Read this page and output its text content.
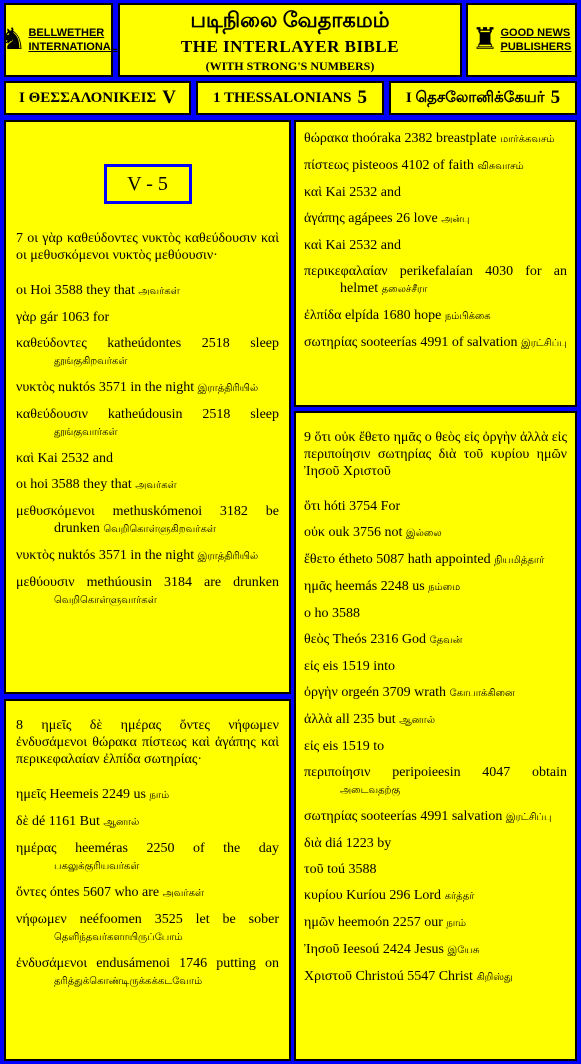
♞ BELLWETHER
INTERNATIONAL
படிநிலை வேதாகமம்
THE INTERLAYER BIBLE
(WITH STRONG'S NUMBERS)
♜ GOOD NEWS
PUBLISHERS
Ι ΘΕΣΣΑΛΟΝΙΚΕΙΣ V 1 THESSALONIANS 5	I தெசலோனிக்கேயர் 5
V - 5
7 οι γὰρ καθεύδοντες νυκτὸς καθεύδουσιν καὶ οι μεθυσκόμενοι νυκτὸς μεθύουσιν·
οι Hoi 3588 they that அவர்கள்
γὰρ gár 1063 for
καθεύδοντες katheúdontes 2518 sleep தூங்குகிறவர்கள்
νυκτὸς nuktós 3571 in the night இராத்திரியில்
καθεύδουσιν katheúdousin 2518 sleep தூங்குவார்கள்
καὶ Kai 2532 and
οι hoi 3588 they that அவர்கள்
μεθυσκόμενοι methuskómenoi 3182 be drunken வெறிகொள்ளுகிறவர்கள்
νυκτὸς nuktós 3571 in the night இராத்திரியில்
μεθύουσιν methúousin 3184 are drunken வெறிகொள்ளுவார்கள்
8 ημεῖς δὲ ημέρας ὄντες νήφωμεν ἐνδυσάμενοι θώρακα πίστεως καὶ ἀγάπης καὶ περικεφαλαίαν ἐλπίδα σωτηρίας·
ημεῖς Heemeis 2249 us நாம்
δὲ dé 1161 But ஆனால்
ημέρας heeméras 2250 of the day பகலுக்குரியவர்கள்
ὄντες óntes 5607 who are அவர்கள்
νήφωμεν neéfoomen 3525 let be sober தெளிந்தவர்களாயிருப்போம்
ἐνδυσάμενοι endusámenoi 1746 putting on தரித்துக்கொண்டிருக்கக்கடவோம்
θώρακα thoóraka 2382 breastplate மார்க்கவசம்
πίστεως pisteoos 4102 of faith விசுவாசம்
καὶ Kai 2532 and
ἀγάπης agápees 26 love அன்பு
καὶ Kai 2532 and
περικεφαλαίαν perikefalaían 4030 for an helmet தலைச்சீரா
ἐλπίδα elpída 1680 hope நம்பிக்கை
σωτηρίας sooteerías 4991 of salvation இரட்சிப்பு
9 ὅτι οὐκ ἔθετο ημᾶς ο θεὸς εἰς ὀργὴν ἀλλὰ εἰς περιποίησιν σωτηρίας διὰ τοῦ κυρίου ημῶν Ἰησοῦ Χριστοῦ
ὅτι hóti 3754 For
οὐκ ouk 3756 not இல்லை
ἔθετο étheto 5087 hath appointed நியமித்தார்
ημᾶς heemás 2248 us நம்மை
ο ho 3588
θεὸς Theós 2316 God தேவன்
εἰς eis 1519 into
ὀργὴν orgeén 3709 wrath கோபாக்கினை
ἀλλὰ all 235 but ஆனால்
εἰς eis 1519 to
περιποίησιν peripoieesin 4047 obtain அடைவதற்கு
σωτηρίας sooteerías 4991 salvation இரட்சிப்பு
διὰ diá 1223 by
τοῦ toú 3588
κυρίου Kuríou 296 Lord கர்த்தர்
ημῶν heemoón 2257 our நாம்
Ἰησοῦ Ieesoú 2424 Jesus இயேசு
Χριστοῦ Christoú 5547 Christ கிறிஸ்து
